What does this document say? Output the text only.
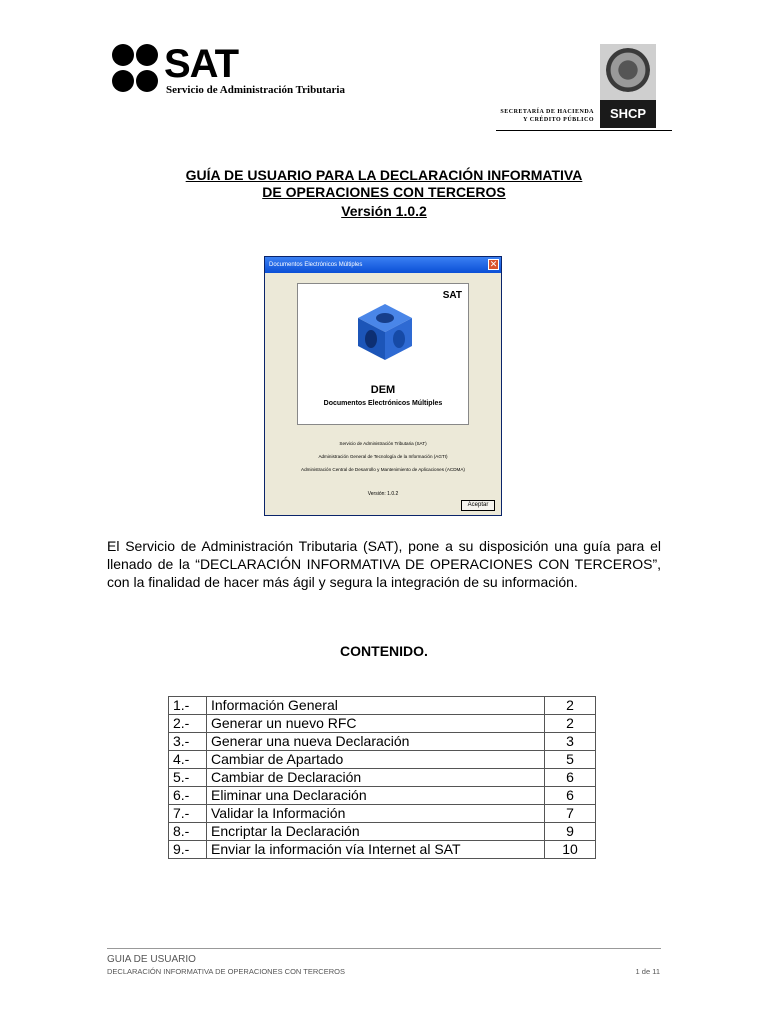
SAT
Servicio de Administración Tributaria
SECRETARÍA DE HACIENDA
Y CRÉDITO PÚBLICO	SHCP
GUÍA DE USUARIO PARA LA DECLARACIÓN INFORMATIVA
DE OPERACIONES CON TERCEROS
Versión 1.0.2
Documentos Electrónicos Múltiples	✕
SAT
DEM
Documentos Electrónicos Múltiples
Servicio de Administración Tributaria (SAT)
Administración General de Tecnología de la Información (AGTI)
Administración Central de Desarrollo y Mantenimiento de Aplicaciones (ACDMA)
Versión: 1.0.2
Aceptar
El Servicio de Administración Tributaria (SAT), pone a su disposición una guía para el llenado de la “DECLARACIÓN INFORMATIVA DE OPERACIONES CON TERCEROS”, con la finalidad de hacer más ágil y segura la integración de su información.
CONTENIDO.
1.-	Información General	2
2.-	Generar un nuevo RFC	2
3.-	Generar una nueva Declaración	3
4.-	Cambiar de Apartado	5
5.-	Cambiar de Declaración	6
6.-	Eliminar una Declaración	6
7.-	Validar la Información	7
8.-	Encriptar la Declaración	9
9.-	Enviar la información vía Internet al SAT	10
GUIA DE USUARIO
DECLARACIÓN INFORMATIVA DE OPERACIONES CON TERCEROS	1 de 11
